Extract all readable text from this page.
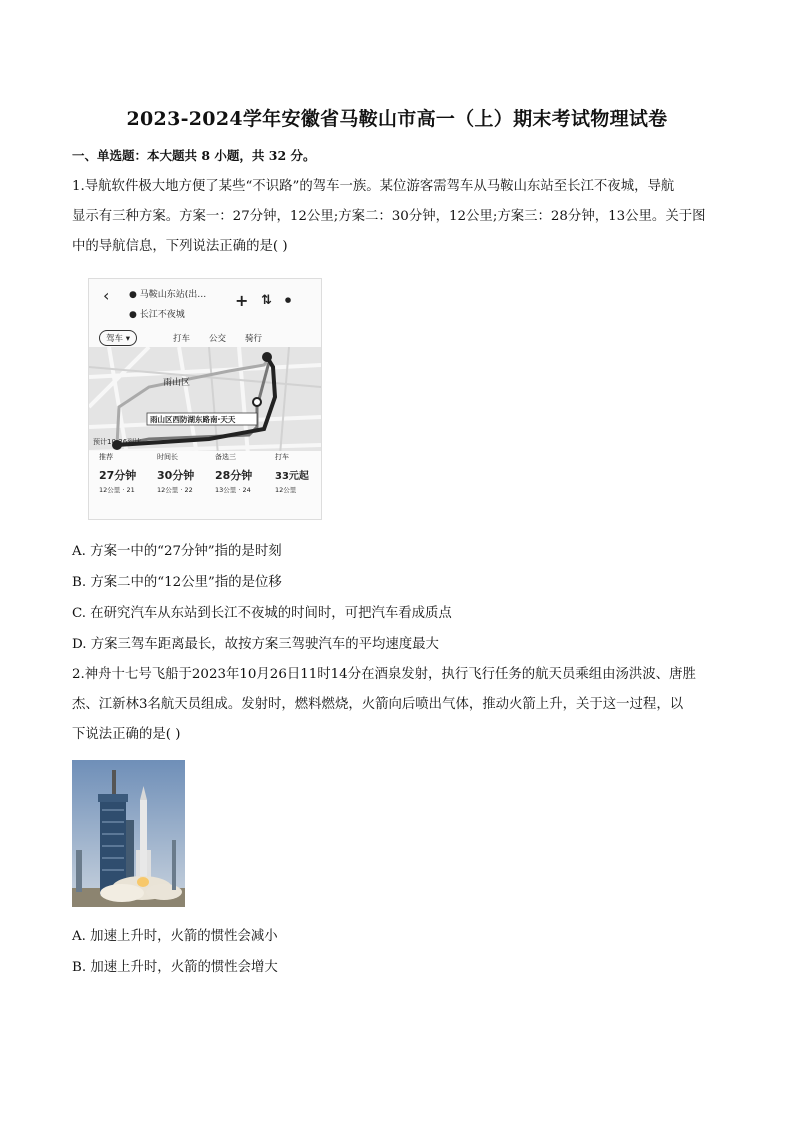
2023-2024学年安徽省马鞍山市高一（上）期末考试物理试卷
一、单选题：本大题共 8 小题，共 32 分。
1.导航软件极大地方便了某些“不识路”的驾车一族。某位游客需驾车从马鞍山东站至长江不夜城，导航
显示有三种方案。方案一：27分钟，12公里;方案二：30分钟，12公里;方案三：28分钟，13公里。关于图
中的导航信息，下列说法正确的是( )
‹ ● 马鞍山东站(出…
● 长江不夜城
+ ⇅ ⏺
驾车 ▾	打车 公交 骑行
雨山区
雨山区西防湖东路南·天天
预计10:36到达
推荐
27分钟
12公里 · 21
时间长
30分钟
12公里 · 22
备选三
28分钟
13公里 · 24
打车
33元起
12公里
A. 方案一中的“27分钟”指的是时刻
B. 方案二中的“12公里”指的是位移
C. 在研究汽车从东站到长江不夜城的时间时，可把汽车看成质点
D. 方案三驾车距离最长，故按方案三驾驶汽车的平均速度最大
2.神舟十七号飞船于2023年10月26日11时14分在酒泉发射，执行飞行任务的航天员乘组由汤洪波、唐胜
杰、江新林3名航天员组成。发射时，燃料燃烧，火箭向后喷出气体，推动火箭上升，关于这一过程，以
下说法正确的是( )
A. 加速上升时，火箭的惯性会减小
B. 加速上升时，火箭的惯性会增大
